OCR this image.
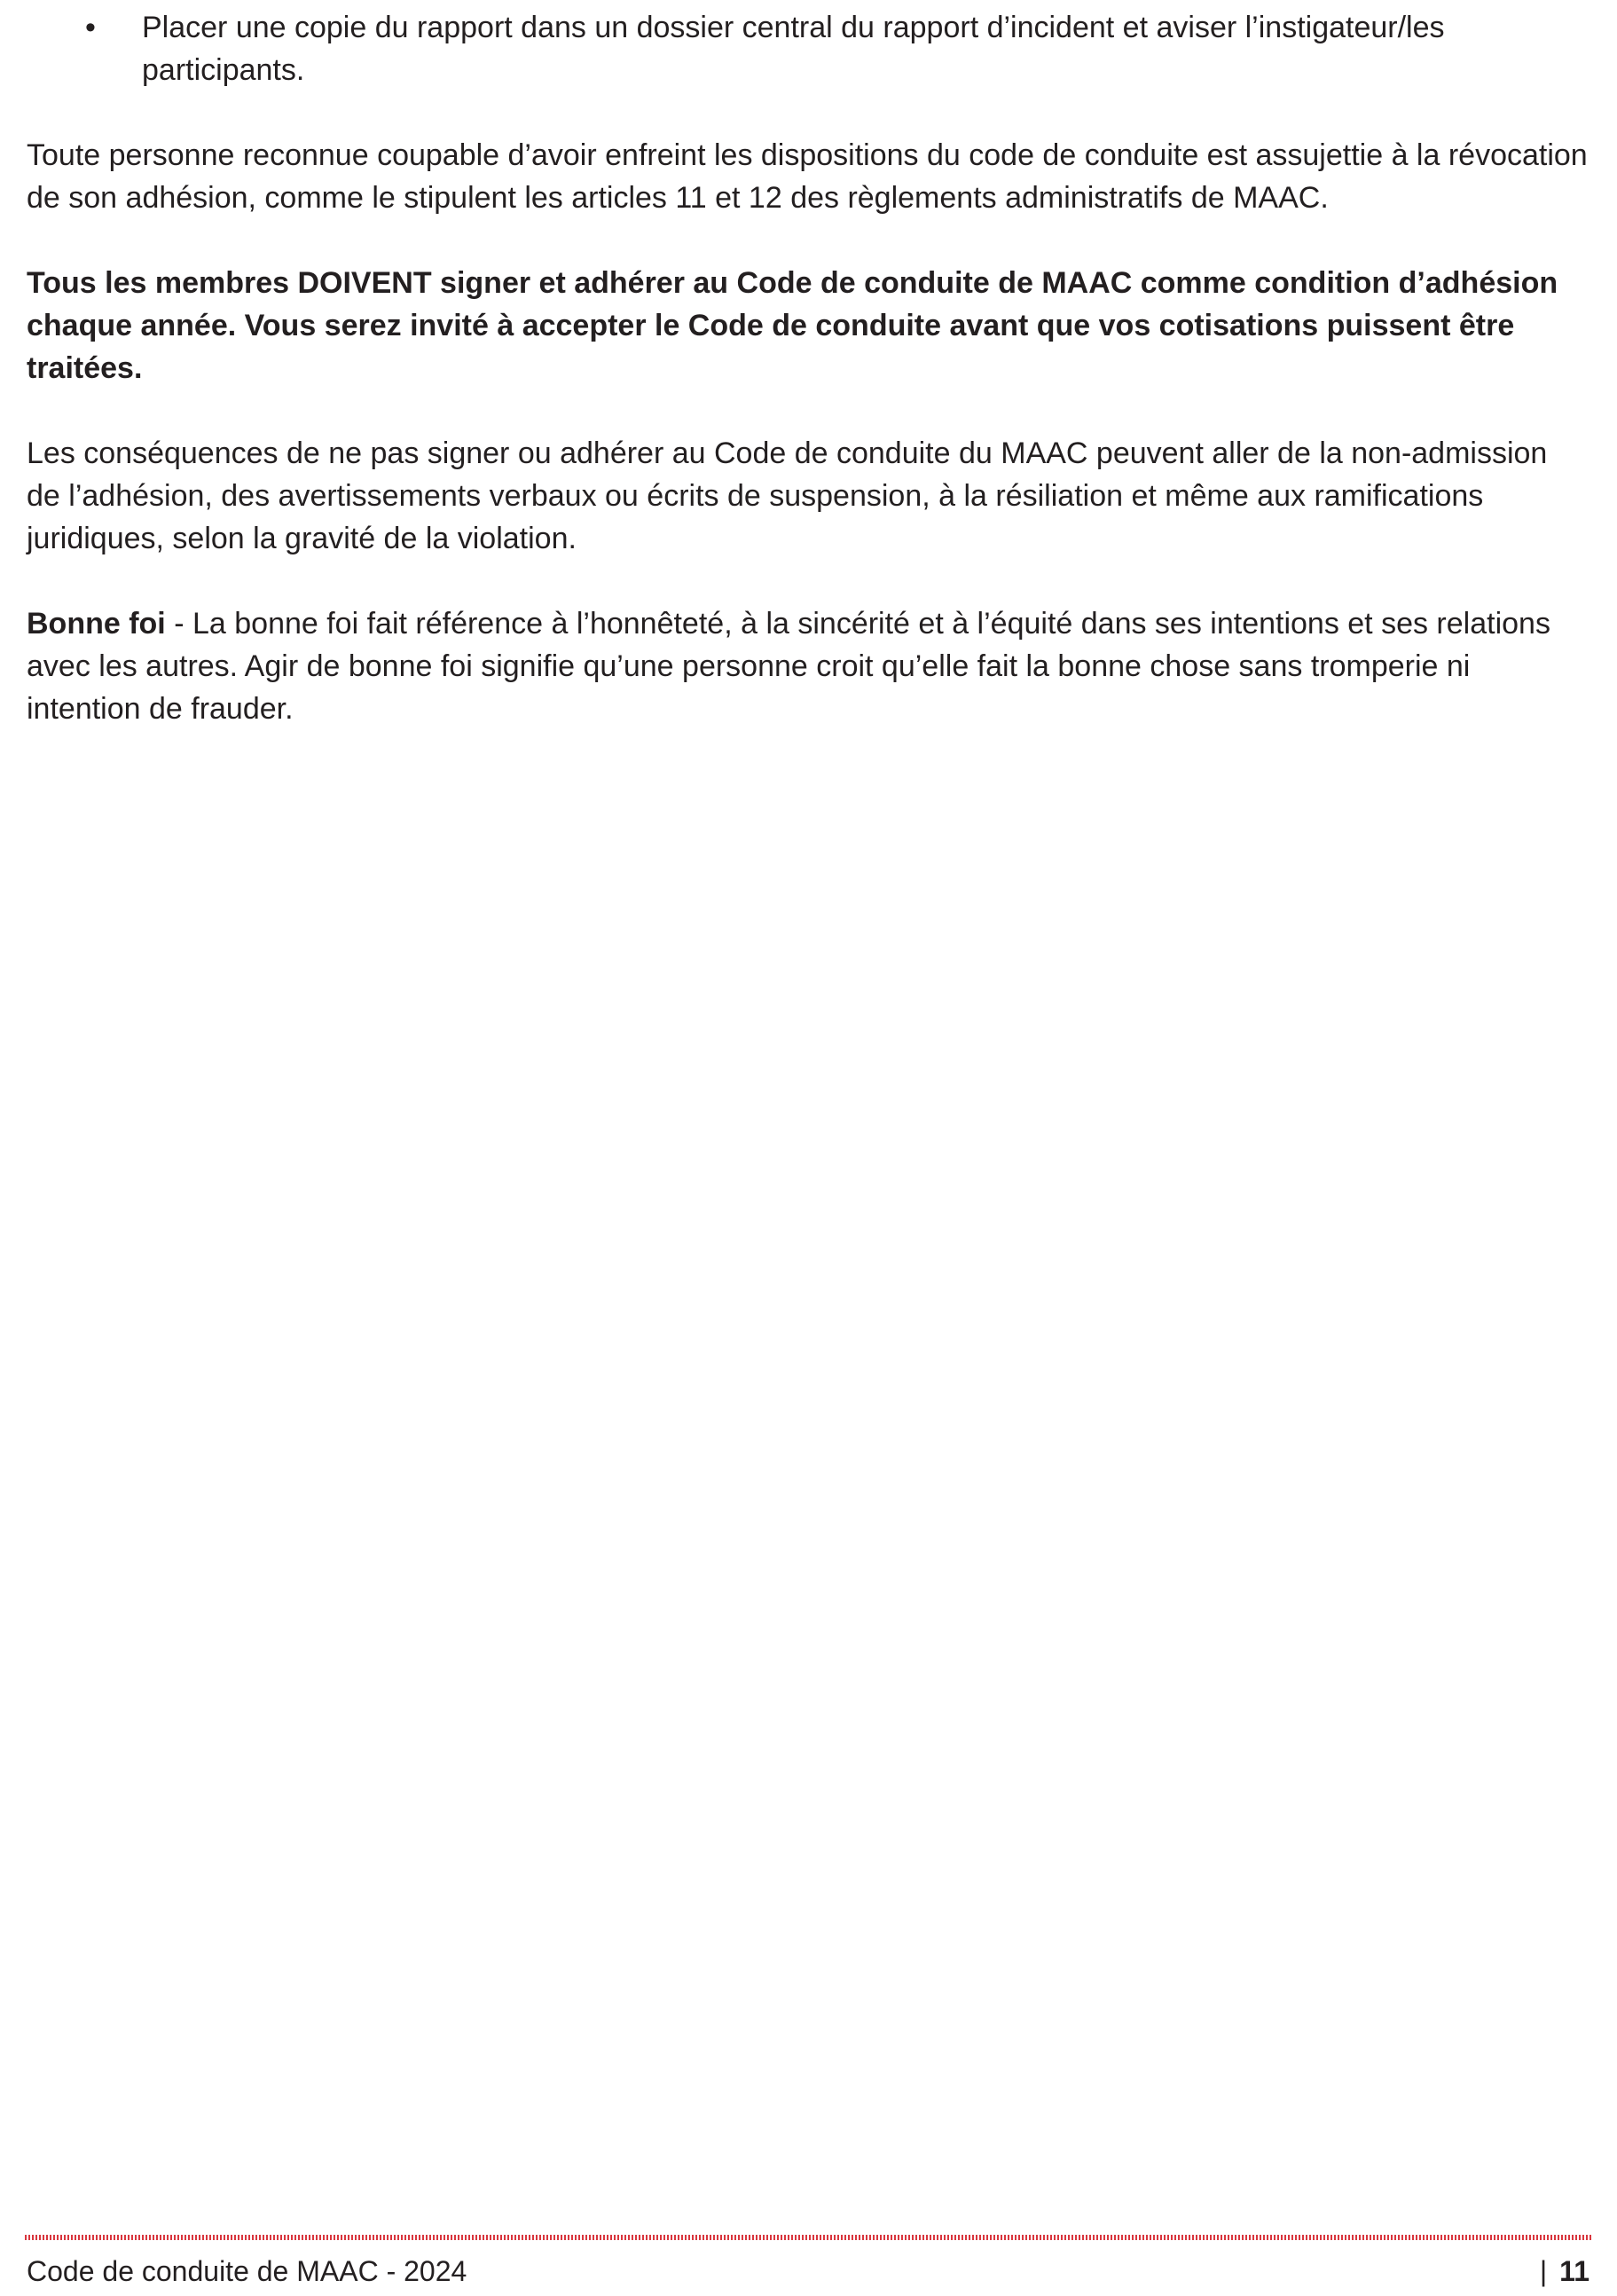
• Placer une copie du rapport dans un dossier central du rapport d’incident et aviser l’instigateur/les participants.

Toute personne reconnue coupable d’avoir enfreint les dispositions du code de conduite est assujettie à la révocation de son adhésion, comme le stipulent les articles 11 et 12 des règlements administratifs de MAAC.

Tous les membres DOIVENT signer et adhérer au Code de conduite de MAAC comme condition d’adhésion chaque année. Vous serez invité à accepter le Code de conduite avant que vos cotisations puissent être traitées.

Les conséquences de ne pas signer ou adhérer au Code de conduite du MAAC peuvent aller de la non-admission de l’adhésion, des avertissements verbaux ou écrits de suspension, à la résiliation et même aux ramifications juridiques, selon la gravité de la violation.

Bonne foi - La bonne foi fait référence à l’honnêteté, à la sincérité et à l’équité dans ses intentions et ses relations avec les autres. Agir de bonne foi signifie qu’une personne croit qu’elle fait la bonne chose sans tromperie ni intention de frauder.

Code de conduite de MAAC - 2024	| 11
